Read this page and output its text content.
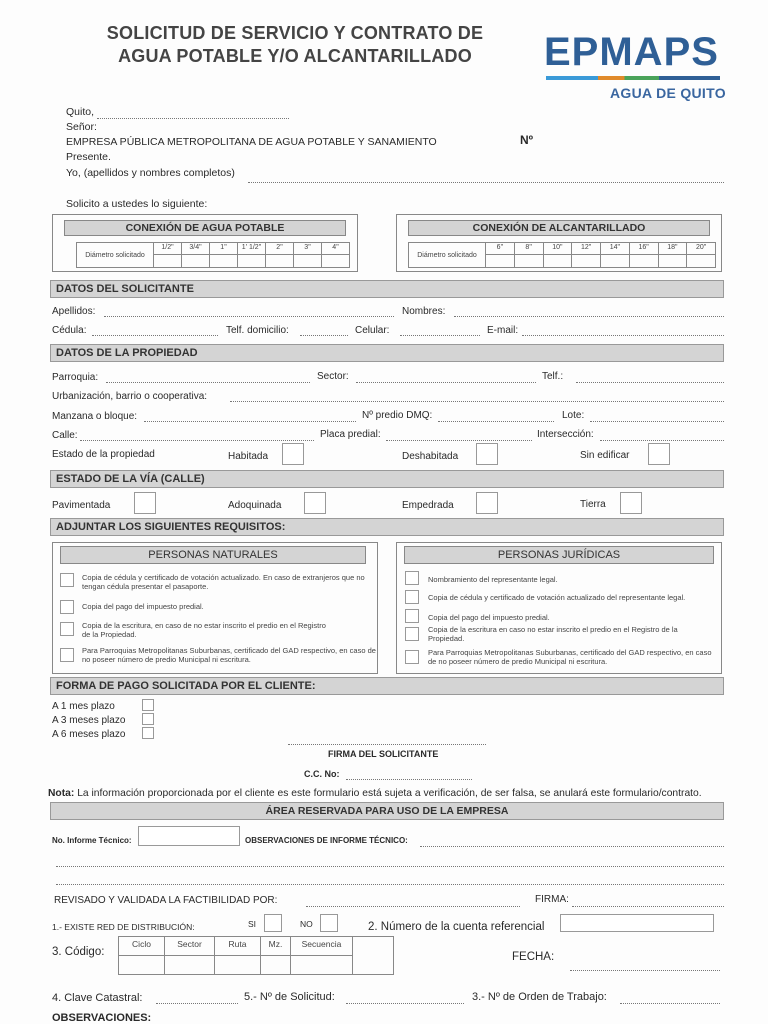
SOLICITUD DE SERVICIO Y CONTRATO DE
AGUA POTABLE Y/O ALCANTARILLADO	EPMAPS
AGUA DE QUITO
Quito,
Señor:
EMPRESA PÚBLICA METROPOLITANA DE AGUA POTABLE Y SANAMIENTO	Nº
Presente.
Yo, (apellidos y nombres completos)
Solicito a ustedes lo siguiente:
CONEXIÓN DE AGUA POTABLE
Diámetro solicitado
1/2"	3/4"	1"	1' 1/2"	2"	3"	4"
CONEXIÓN DE ALCANTARILLADO
Diámetro solicitado
6"	8"	10"	12"	14"	16"	18"	20"
DATOS DEL SOLICITANTE
Apellidos:	Nombres:
Cédula:	Telf. domicilio:	Celular:	E-mail:
DATOS DE LA PROPIEDAD
Parroquia:	Sector:	Telf.:
Urbanización, barrio o cooperativa:
Manzana o bloque:	Nº predio DMQ:	Lote:
Calle:	Placa predial:	Intersección:
Estado de la propiedad	Habitada	Deshabitada	Sin edificar
ESTADO DE LA VÍA (CALLE)
Pavimentada	Adoquinada	Empedrada	Tierra
ADJUNTAR LOS SIGUIENTES REQUISITOS:
PERSONAS NATURALES
Copia de cédula y certificado de votación actualizado. En caso de extranjeros que no tengan cédula presentar el pasaporte.
Copia del pago del impuesto predial.
Copia de la escritura, en caso de no estar inscrito el predio en el Registro de la Propiedad.
Para Parroquias Metropolitanas Suburbanas, certificado del GAD respectivo, en caso de no poseer número de predio Municipal ni escritura.
PERSONAS JURÍDICAS
Nombramiento del representante legal.
Copia de cédula y certificado de votación actualizado del representante legal.
Copia del pago del impuesto predial.
Copia de la escritura en caso no estar inscrito el predio en el Registro de la Propiedad.
Para Parroquias Metropolitanas Suburbanas, certificado del GAD respectivo, en caso de no poseer número de predio Municipal ni escritura.
FORMA DE PAGO SOLICITADA POR EL CLIENTE:
A 1 mes plazo
A 3 meses plazo
A 6 meses plazo
FIRMA DEL SOLICITANTE
C.C. No:
Nota: La información proporcionada por el cliente es este formulario está sujeta a verificación, de ser falsa, se anulará este formulario/contrato.
ÁREA RESERVADA PARA USO DE LA EMPRESA
No. Informe Técnico:	OBSERVACIONES DE INFORME TÉCNICO:
REVISADO Y VALIDADA LA FACTIBILIDAD POR:	FIRMA:
1.- EXISTE RED DE DISTRIBUCIÓN:	SI	NO	2. Número de la cuenta referencial
3. Código:
Ciclo	Sector	Ruta	Mz.	Secuencia
FECHA:
4. Clave Catastral:	5.- Nº de Solicitud:	3.- Nº de Orden de Trabajo:
OBSERVACIONES:
